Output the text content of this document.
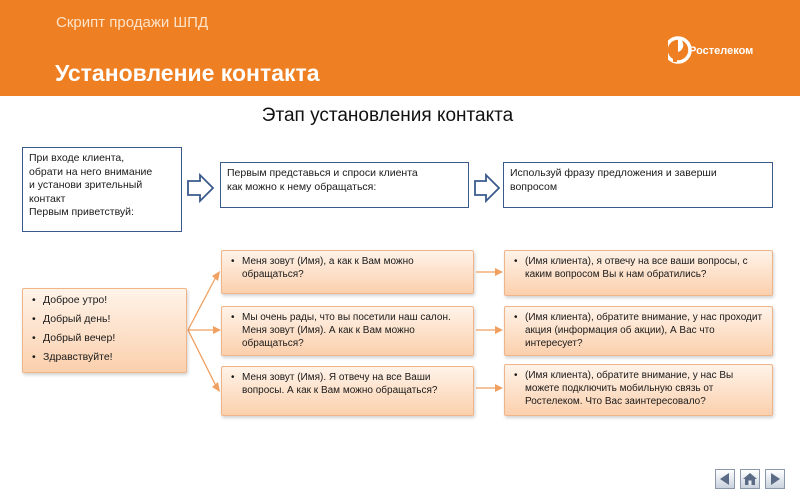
Скрипт продажи ШПД
Установление контакта
Ростелеком
Этап установления контакта
При входе клиента,
обрати на него внимание
и установи зрительный
контакт
Первым приветствуй:
Первым представься и спроси клиента
как можно к нему обращаться:
Используй фразу предложения и заверши
вопросом
• Доброе утро!
• Добрый день!
• Добрый вечер!
• Здравствуйте!
• Меня зовут (Имя), а как к Вам можно обращаться?
• Мы очень рады, что вы посетили наш салон. Меня зовут (Имя). А как к Вам можно обращаться?
• Меня зовут (Имя). Я отвечу на все Ваши вопросы. А как к Вам можно обращаться?
• (Имя клиента), я отвечу на все ваши вопросы, с каким вопросом Вы к нам обратились?
• (Имя клиента), обратите внимание, у нас проходит акция (информация об акции), А Вас что интересует?
• (Имя клиента), обратите внимание, у нас Вы можете подключить мобильную связь от Ростелеком. Что Вас заинтересовало?
